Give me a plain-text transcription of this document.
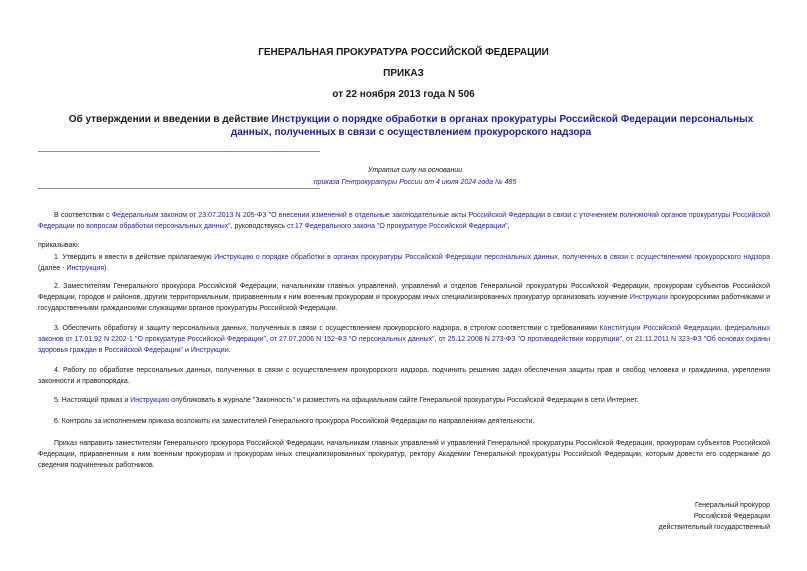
ГЕНЕРАЛЬНАЯ ПРОКУРАТУРА РОССИЙСКОЙ ФЕДЕРАЦИИ
ПРИКАЗ
от 22 ноября 2013 года N 506
Об утверждении и введении в действие Инструкции о порядке обработки в органах прокуратуры Российской Федерации персональных данных, полученных в связи с осуществлением прокурорского надзора
Утратил силу на основании
приказа Генпрокуратуры России от 4 июля 2024 года № 485
В соответствии с Федеральным законом от 23.07.2013 N 205-ФЗ "О внесении изменений в отдельные законодательные акты Российской Федерации в связи с уточнением полномочий органов прокуратуры Российской Федерации по вопросам обработки персональных данных", руководствуясь ст.17 Федерального закона "О прокуратуре Российской Федерации",
приказываю:
1. Утвердить и ввести в действие прилагаемую Инструкцию о порядке обработки в органах прокуратуры Российской Федерации персональных данных, полученных в связи с осуществлением прокурорского надзора (далее - Инструкция).
2. Заместителям Генерального прокурора Российской Федерации, начальникам главных управлений, управлений и отделов Генеральной прокуратуры Российской Федерации, прокурорам субъектов Российской Федерации, городов и районов, другим территориальным, приравненным к ним военным прокурорам и прокурорам иных специализированных прокуратур организовать изучение Инструкции прокурорскими работниками и государственными гражданскими служащими органов прокуратуры Российской Федерации.
3. Обеспечить обработку и защиту персональных данных, полученных в связи с осуществлением прокурорского надзора, в строгом соответствии с требованиями Конституции Российской Федерации, федеральных законов от 17.01.92 N 2202-1 "О прокуратуре Российской Федерации", от 27.07.2006 N 152-ФЗ "О персональных данных", от 25.12.2008 N 273-ФЗ "О противодействии коррупции", от 21.11.2011 N 323-ФЗ "Об основах охраны здоровья граждан в Российской Федерации" и Инструкции.
4. Работу по обработке персональных данных, полученных в связи с осуществлением прокурорского надзора, подчинить решению задач обеспечения защиты прав и свобод человека и гражданина, укрепления законности и правопорядка.
5. Настоящий приказ и Инструкцию опубликовать в журнале "Законность" и разместить на официальном сайте Генеральной прокуратуры Российской Федерации в сети Интернет.
6. Контроль за исполнением приказа возложить на заместителей Генерального прокурора Российской Федерации по направлениям деятельности.
Приказ направить заместителям Генерального прокурора Российской Федерации, начальникам главных управлений и управлений Генеральной прокуратуры Российской Федерации, прокурорам субъектов Российской Федерации, приравненным к ним военным прокурорам и прокурорам иных специализированных прокуратур, ректору Академии Генеральной прокуратуры Российской Федерации, которым довести его содержание до сведения подчиненных работников.
Генеральный прокурор
Российской Федерации
действительный государственный
